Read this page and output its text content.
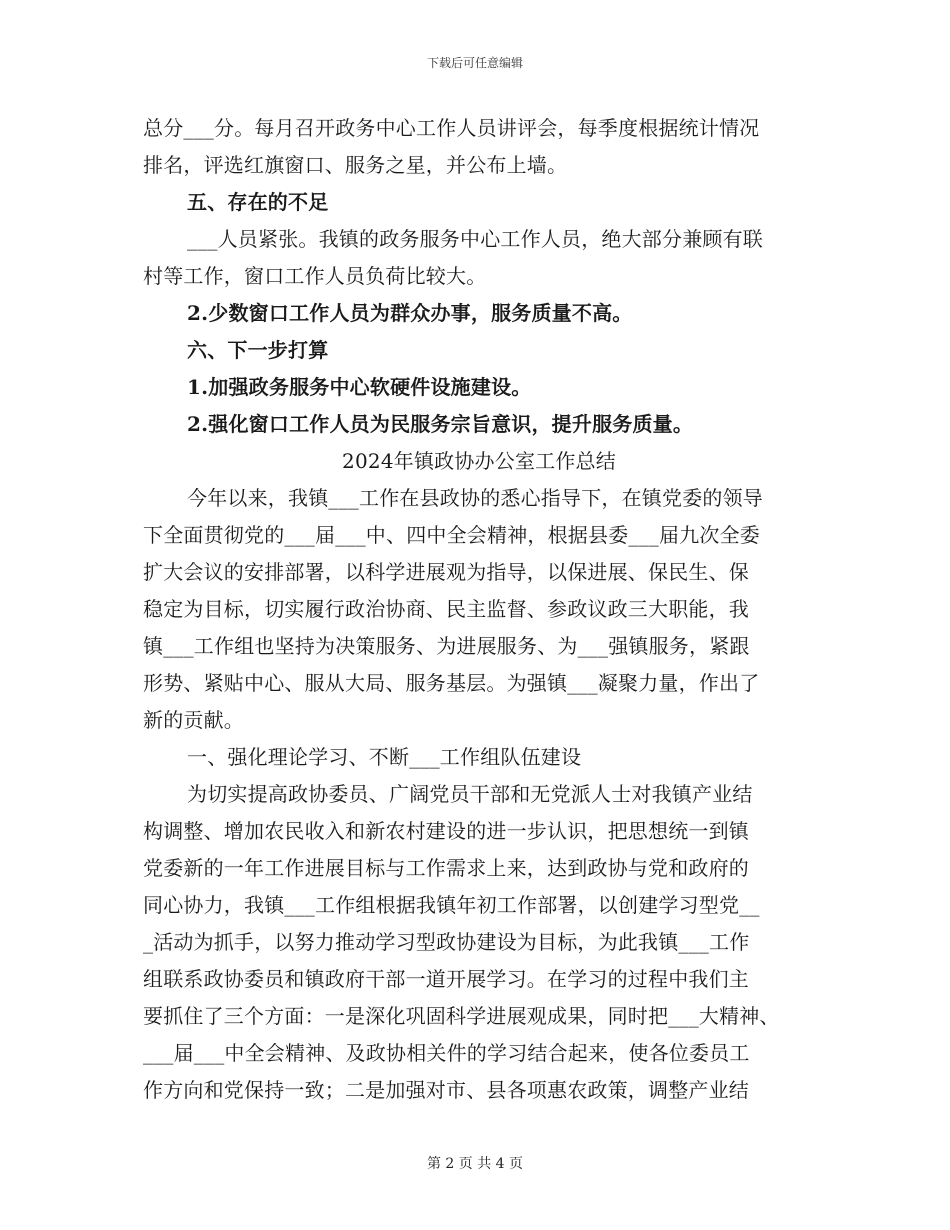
下载后可任意编辑
总分___分。每月召开政务中心工作人员讲评会，每季度根据统计情况
排名，评选红旗窗口、服务之星，并公布上墙。
五、存在的不足
___人员紧张。我镇的政务服务中心工作人员，绝大部分兼顾有联
村等工作，窗口工作人员负荷比较大。
2.少数窗口工作人员为群众办事，服务质量不高。
六、下一步打算
1.加强政务服务中心软硬件设施建设。
2.强化窗口工作人员为民服务宗旨意识，提升服务质量。
2024年镇政协办公室工作总结
今年以来，我镇___工作在县政协的悉心指导下，在镇党委的领导
下全面贯彻党的___届___中、四中全会精神，根据县委___届九次全委
扩大会议的安排部署，以科学进展观为指导，以保进展、保民生、保
稳定为目标，切实履行政治协商、民主监督、参政议政三大职能，我
镇___工作组也坚持为决策服务、为进展服务、为___强镇服务，紧跟
形势、紧贴中心、服从大局、服务基层。为强镇___凝聚力量，作出了
新的贡献。
一、强化理论学习、不断___工作组队伍建设
为切实提高政协委员、广阔党员干部和无党派人士对我镇产业结
构调整、增加农民收入和新农村建设的进一步认识，把思想统一到镇
党委新的一年工作进展目标与工作需求上来，达到政协与党和政府的
同心协力，我镇___工作组根据我镇年初工作部署，以创建学习型党__
_活动为抓手，以努力推动学习型政协建设为目标，为此我镇___工作
组联系政协委员和镇政府干部一道开展学习。在学习的过程中我们主
要抓住了三个方面：一是深化巩固科学进展观成果，同时把___大精神、
___届___中全会精神、及政协相关件的学习结合起来，使各位委员工
作方向和党保持一致；二是加强对市、县各项惠农政策，调整产业结
第 2 页 共 4 页
